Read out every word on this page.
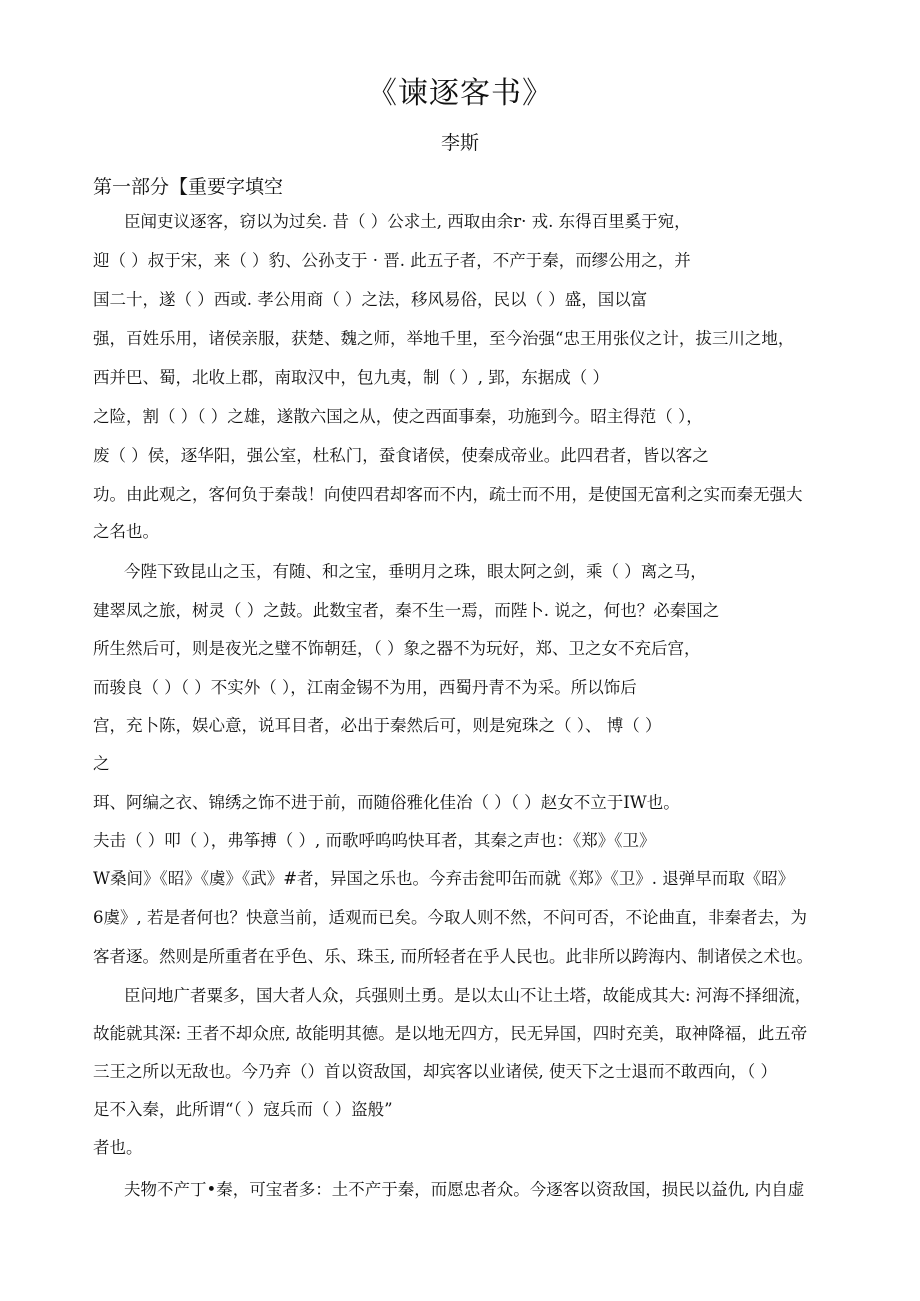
《谏逐客书》
李斯
第一部分【重要字填空
臣闻吏议逐客，窃以为过矣. 昔（ ）公求土, 西取由余r· 戎. 东得百里奚于宛，
迎（ ）叔于宋，来（ ）豹、公孙支于 · 晋. 此五子者，不产于秦，而缪公用之，并
国二十，遂（ ）西或. 孝公用商（ ）之法，移风易俗，民以（ ）盛，国以富
强，百姓乐用，诸侯亲服，获楚、魏之师，举地千里，至今治强“忠王用张仪之计，拔三川之地，
西并巴、蜀，北收上郡，南取汉中，包九夷，制（ ）, 郢，东据成（ ）
之险，割（ ）（ ）之雄，遂散六国之从，使之西面事秦，功施到今。昭主得范（ ），
废（ ）侯，逐华阳，强公室，杜私门，蚕食诸侯，使秦成帝业。此四君者，皆以客之
功。由此观之，客何负于秦哉！向使四君却客而不内，疏士而不用，是使国无富利之实而秦无强大
之名也。
今陛下致昆山之玉，有随、和之宝，垂明月之珠，眼太阿之剑，乘（ ）离之马，
建翠凤之旅，树灵（ ）之鼓。此数宝者，秦不生一焉，而陛卜. 说之，何也？必秦国之
所生然后可，则是夜光之璧不饰朝廷，（ ）象之器不为玩好，郑、卫之女不充后宫，
而骏良（ ）（ ）不实外（ ），江南金锡不为用，西蜀丹青不为采。所以饰后
宫，充卜陈，娱心意，说耳目者，必出于秦然后可，则是宛珠之（ ）、 博（ ）
之
珥、阿编之衣、锦绣之饰不进于前，而随俗雅化佳冶（ ）（ ）赵女不立于IW也。
夫击（ ）叩（ ），弗筝搏（ ）, 而歌呼呜呜快耳者，其秦之声也：《郑》《卫》
W桑间》《昭》《虞》《武》#者，异国之乐也。今弃击瓮叩缶而就《郑》《卫》. 退弹早而取《昭》
6虞》, 若是者何也？快意当前，适观而已矣。今取人则不然，不问可否，不论曲直，非秦者去，为
客者逐。然则是所重者在乎色、乐、珠玉, 而所轻者在乎人民也。此非所以跨海内、制诸侯之术也。
臣问地广者粟多，国大者人众，兵强则土勇。是以太山不让土塔，故能成其大: 河海不择细流，
故能就其深: 王者不却众庶, 故能明其德。是以地无四方，民无异国，四时充美，取神降福，此五帝
三王之所以无敌也。今乃弃（）首以资敌国，却宾客以业诸侯, 使天下之士退而不敢西向，（ ）
足不入秦，此所谓“（ ）寇兵而（ ）盗般”
者也。
夫物不产丁•秦，可宝者多：土不产于秦，而愿忠者众。今逐客以资敌国，损民以益仇, 内自虚
